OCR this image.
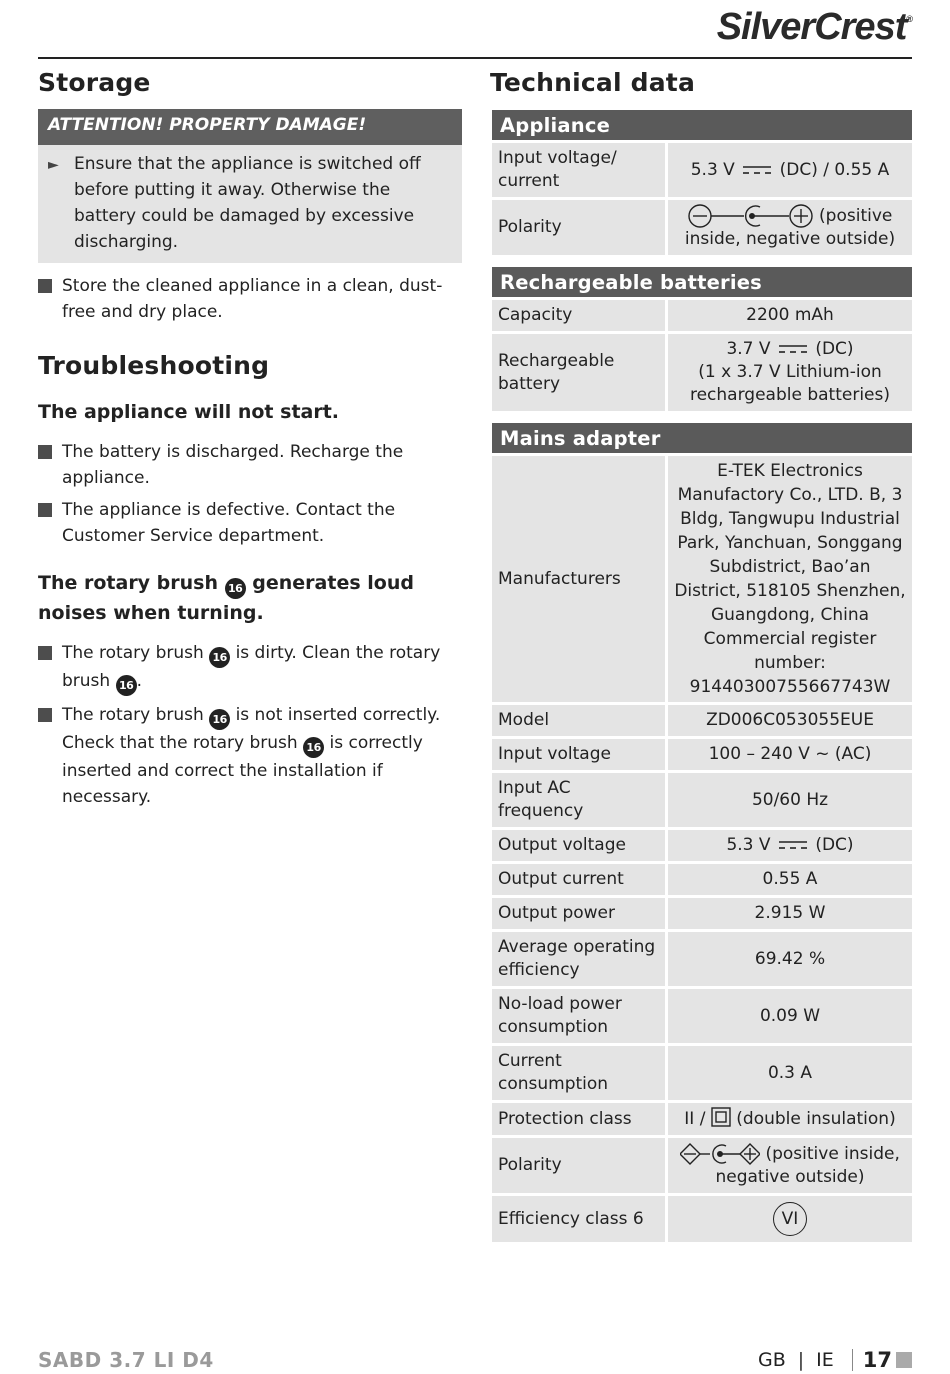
SilverCrest®
Storage
ATTENTION! PROPERTY DAMAGE!
► Ensure that the appliance is switched off before putting it away. Otherwise the battery could be damaged by excessive discharging.
Store the cleaned appliance in a clean, dust-free and dry place.
Troubleshooting
The appliance will not start.
The battery is discharged. Recharge the appliance.
The appliance is defective. Contact the Customer Service department.
The rotary brush 16 generates loud noises when turning.
The rotary brush 16 is dirty. Clean the rotary brush 16 .
The rotary brush 16 is not inserted correctly. Check that the rotary brush 16 is correctly inserted and correct the installation if necessary.
Technical data
Appliance	
Input voltage/ current	5.3 V (DC) / 0.55 A
Polarity	(positive inside, negative outside)

Rechargeable batteries	
Capacity	2200 mAh
Rechargeable battery	3.7 V (DC)
(1 x 3.7 V Lithium-ion rechargeable batteries)

Mains adapter	
Manufacturers	E-TEK Electronics Manufactory Co., LTD. B, 3 Bldg, Tangwupu Industrial Park, Yanchuan, Songgang Subdistrict, Bao’an District, 518105 Shenzhen, Guangdong, China Commercial register number: 91440300755667743W
Model	ZD006C053055EUE
Input voltage	100 – 240 V ~ (AC)
Input AC frequency	50/60 Hz
Output voltage	5.3 V (DC)
Output current	0.55 A
Output power	2.915 W
Average operating efficiency	69.42 %
No-load power consumption	0.09 W
Current consumption	0.3 A
Protection class	II / (double insulation)
Polarity	(positive inside, negative outside)
Efficiency class 6	VI
SABD 3.7 LI D4	GB | IE 17
